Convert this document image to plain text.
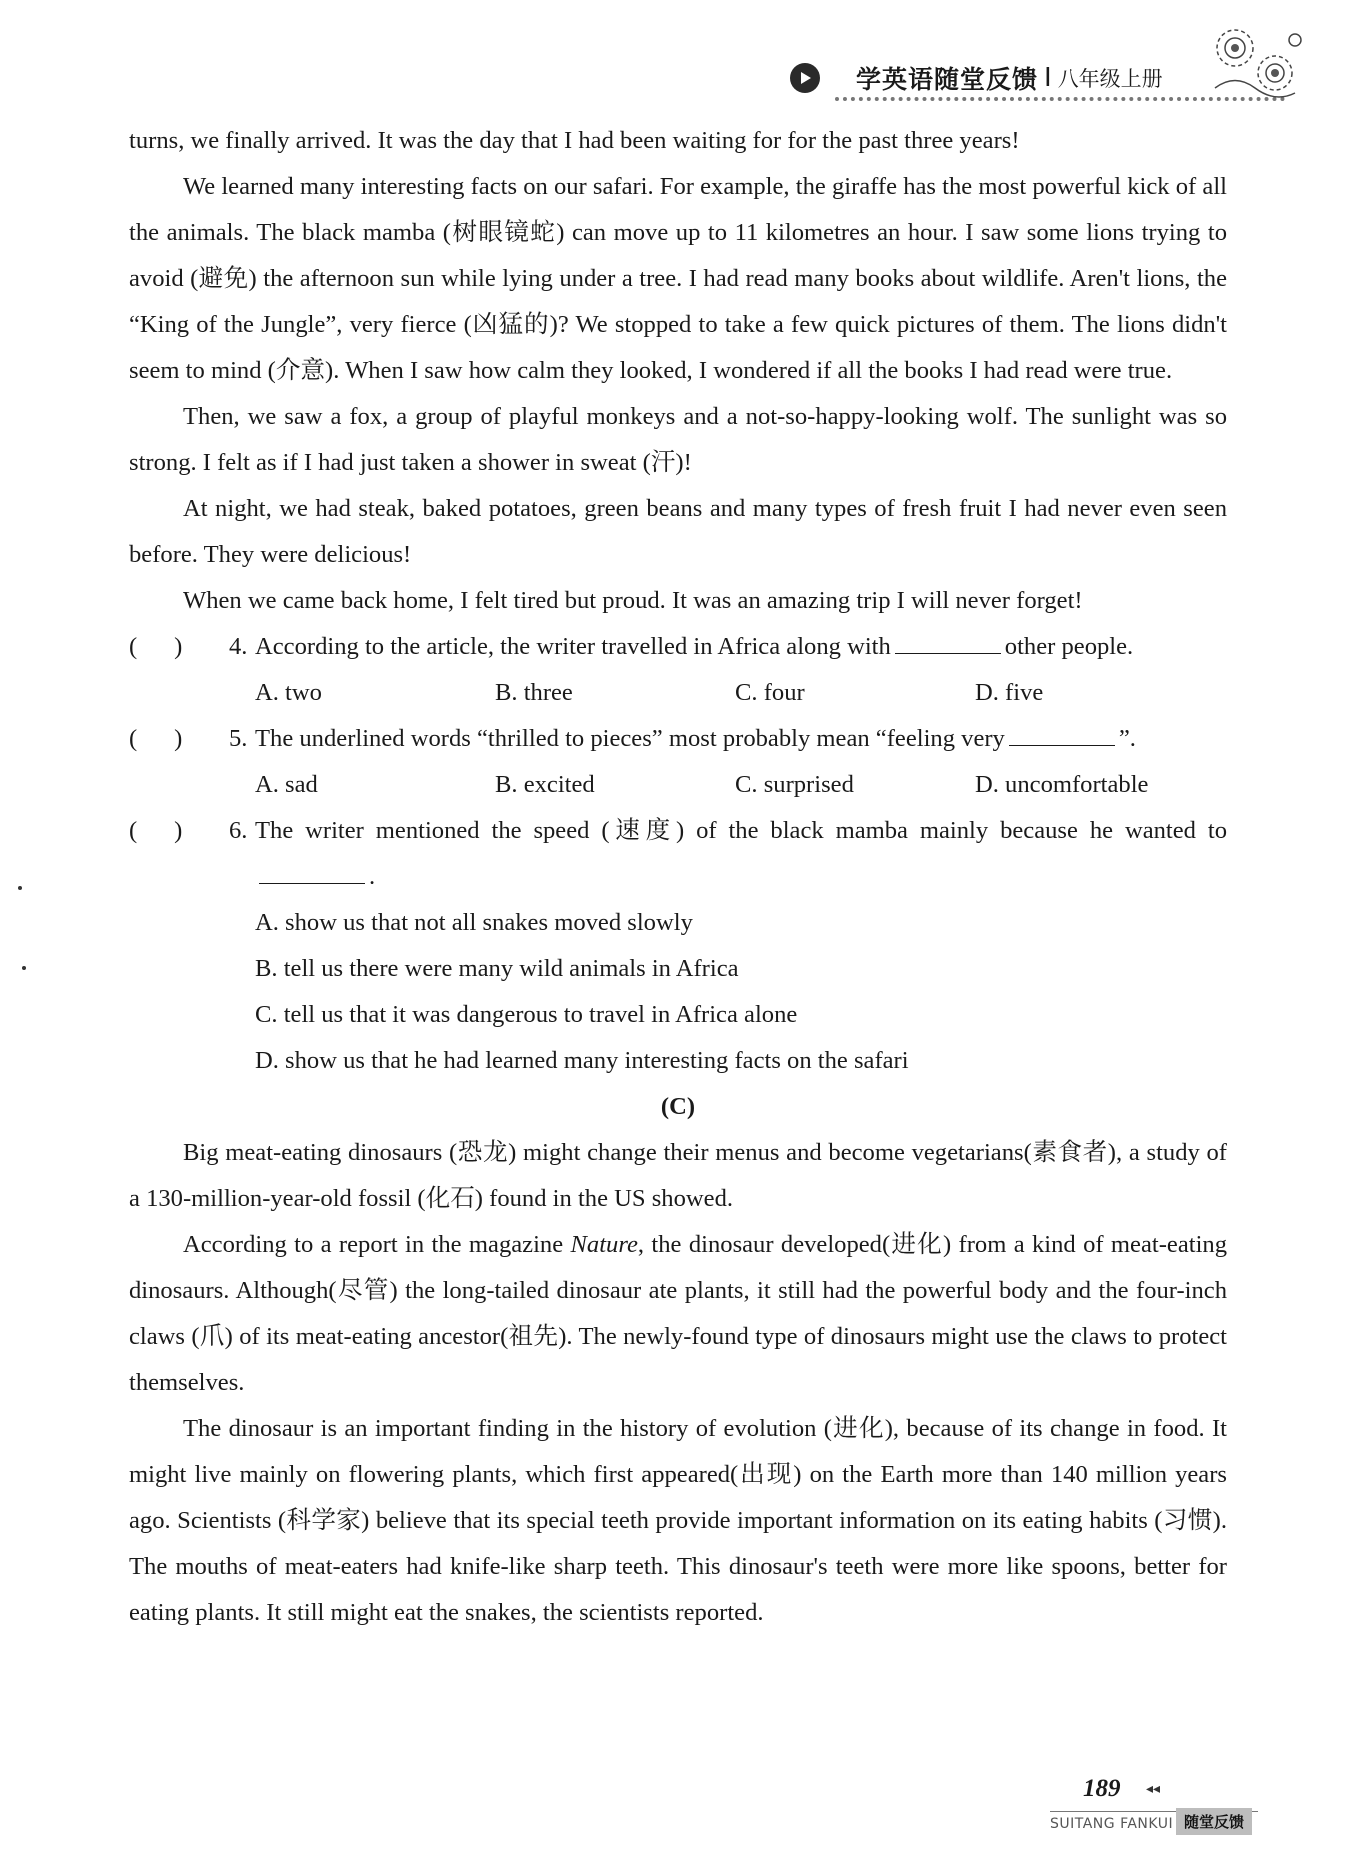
学英语随堂反馈 Ⅰ 八年级上册

turns, we finally arrived. It was the day that I had been waiting for for the past three years!

We learned many interesting facts on our safari. For example, the giraffe has the most powerful kick of all the animals. The black mamba (树眼镜蛇) can move up to 11 kilometres an hour. I saw some lions trying to avoid (避免) the afternoon sun while lying under a tree. I had read many books about wildlife. Aren't lions, the “King of the Jungle”, very fierce (凶猛的)? We stopped to take a few quick pictures of them. The lions didn't seem to mind (介意). When I saw how calm they looked, I wondered if all the books I had read were true.

Then, we saw a fox, a group of playful monkeys and a not-so-happy-looking wolf. The sunlight was so strong. I felt as if I had just taken a shower in sweat (汗)!

At night, we had steak, baked potatoes, green beans and many types of fresh fruit I had never even seen before. They were delicious!

When we came back home, I felt tired but proud. It was an amazing trip I will never forget!

(      )	4. According to the article, the writer travelled in Africa along with	other people.
A. two	B. three	C. four	D. five
(      )	5. The underlined words “thrilled to pieces” most probably mean “feeling very	”.
A. sad	B. excited	C. surprised	D. uncomfortable
(      )	6. The writer mentioned the speed (速度) of the black mamba mainly because he wanted to.
A. show us that not all snakes moved slowly
B. tell us there were many wild animals in Africa
C. tell us that it was dangerous to travel in Africa alone
D. show us that he had learned many interesting facts on the safari

(C)

Big meat-eating dinosaurs (恐龙) might change their menus and become vegetarians(素食者), a study of a 130-million-year-old fossil (化石) found in the US showed.

According to a report in the magazine Nature, the dinosaur developed(进化) from a kind of meat-eating dinosaurs. Although(尽管) the long-tailed dinosaur ate plants, it still had the powerful body and the four-inch claws (爪) of its meat-eating ancestor(祖先). The newly-found type of dinosaurs might use the claws to protect themselves.

The dinosaur is an important finding in the history of evolution (进化), because of its change in food. It might live mainly on flowering plants, which first appeared(出现) on the Earth more than 140 million years ago. Scientists (科学家) believe that its special teeth provide important information on its eating habits (习惯). The mouths of meat-eaters had knife-like sharp teeth. This dinosaur's teeth were more like spoons, better for eating plants. It still might eat the snakes, the scientists reported.

189 ◂◂
SUITANG FANKUI 随堂反馈
